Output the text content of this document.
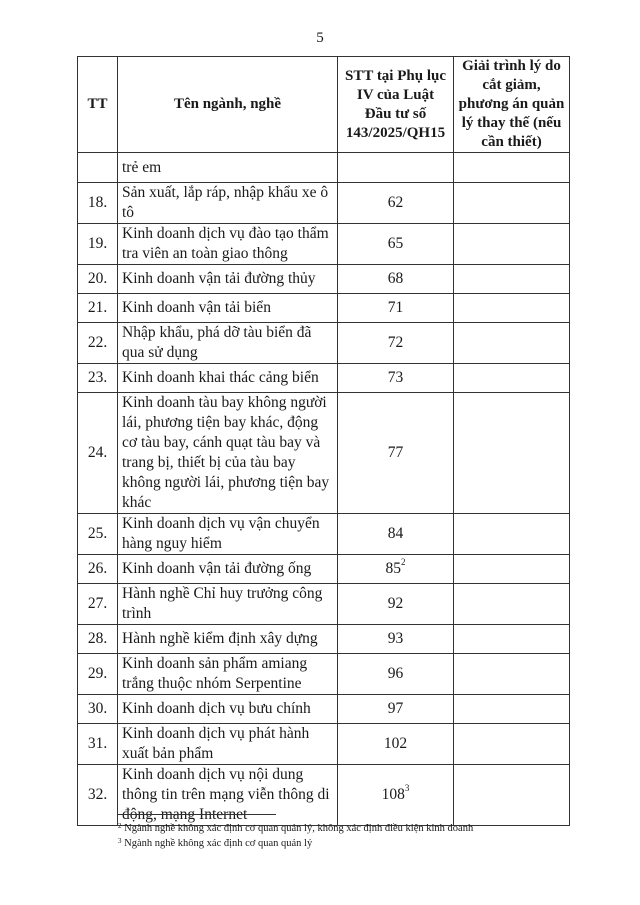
5
TT	Tên ngành, nghề	STT tại Phụ lục IV của Luật Đầu tư số 143/2025/QH15	Giải trình lý do cắt giảm, phương án quản lý thay thế (nếu cần thiết)
	trẻ em		
18.	Sản xuất, lắp ráp, nhập khẩu xe ô tô	62	
19.	Kinh doanh dịch vụ đào tạo thẩm tra viên an toàn giao thông	65	
20.	Kinh doanh vận tải đường thủy	68	
21.	Kinh doanh vận tải biển	71	
22.	Nhập khẩu, phá dỡ tàu biển đã qua sử dụng	72	
23.	Kinh doanh khai thác cảng biển	73	
24.	Kinh doanh tàu bay không người lái, phương tiện bay khác, động cơ tàu bay, cánh quạt tàu bay và trang bị, thiết bị của tàu bay không người lái, phương tiện bay khác	77	
25.	Kinh doanh dịch vụ vận chuyển hàng nguy hiểm	84	
26.	Kinh doanh vận tải đường ống	$85^2$	
27.	Hành nghề Chỉ huy trưởng công trình	92	
28.	Hành nghề kiểm định xây dựng	93	
29.	Kinh doanh sản phẩm amiang trắng thuộc nhóm Serpentine	96	
30.	Kinh doanh dịch vụ bưu chính	97	
31.	Kinh doanh dịch vụ phát hành xuất bản phẩm	102	
32.	Kinh doanh dịch vụ nội dung thông tin trên mạng viễn thông di động, mạng Internet	$108^3$	
$^2$ Ngành nghề không xác định cơ quan quản lý, không xác định điều kiện kinh doanh
$^3$ Ngành nghề không xác định cơ quan quản lý
